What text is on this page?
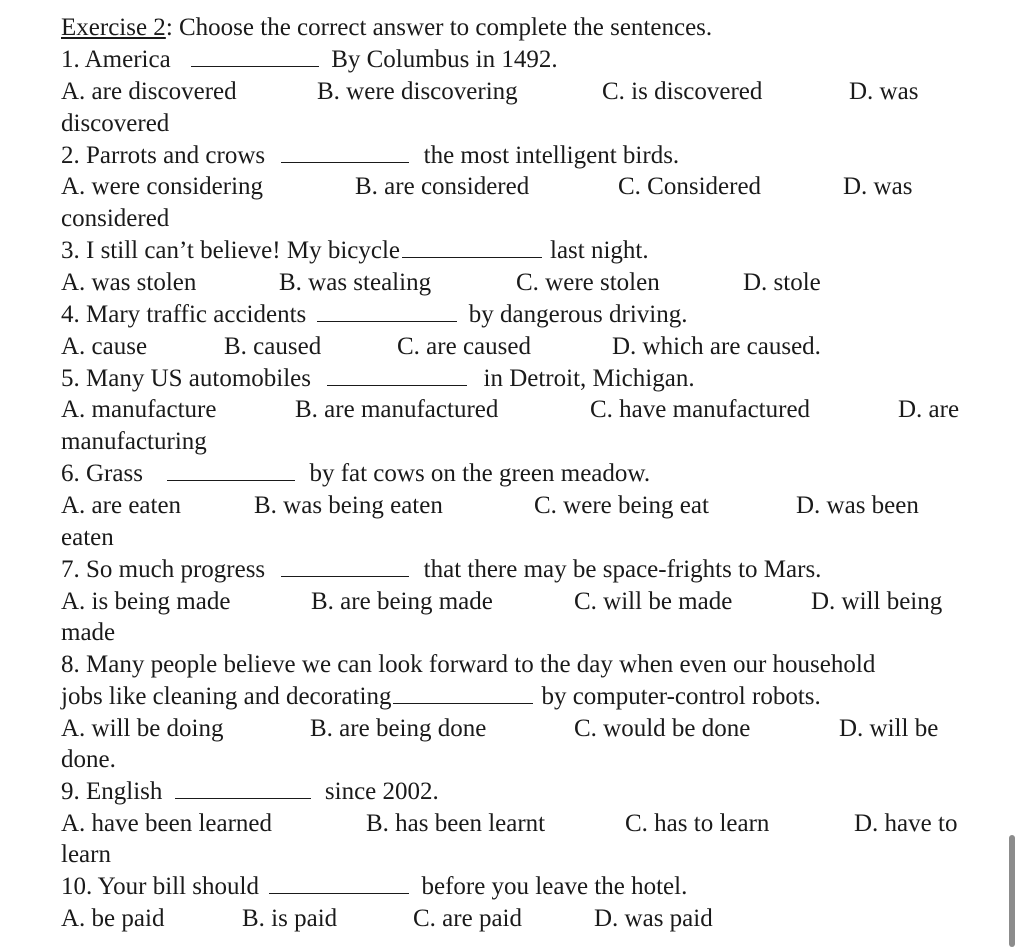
Exercise 2: Choose the correct answer to complete the sentences.
1. America	By Columbus in 1492.
A. are discovered	B. were discovering	C. is discovered	D. was
discovered
2. Parrots and crows	the most intelligent birds.
A. were considering	B. are considered	C. Considered	D. was
considered
3. I still can’t believe! My bicycle	last night.
A. was stolen	B. was stealing	C. were stolen	D. stole
4. Mary traffic accidents	by dangerous driving.
A. cause	B. caused	C. are caused	D. which are caused.
5. Many US automobiles	in Detroit, Michigan.
A. manufacture	B. are manufactured	C. have manufactured	D. are
manufacturing
6. Grass	by fat cows on the green meadow.
A. are eaten	B. was being eaten	C. were being eat	D. was been
eaten
7. So much progress	that there may be space-frights to Mars.
A. is being made	B. are being made	C. will be made	D. will being
made
8. Many people believe we can look forward to the day when even our household
jobs like cleaning and decorating	by computer-control robots.
A. will be doing	B. are being done	C. would be done	D. will be
done.
9. English	since 2002.
A. have been learned	B. has been learnt	C. has to learn	D. have to
learn
10. Your bill should	before you leave the hotel.
A. be paid	B. is paid	C. are paid	D. was paid
